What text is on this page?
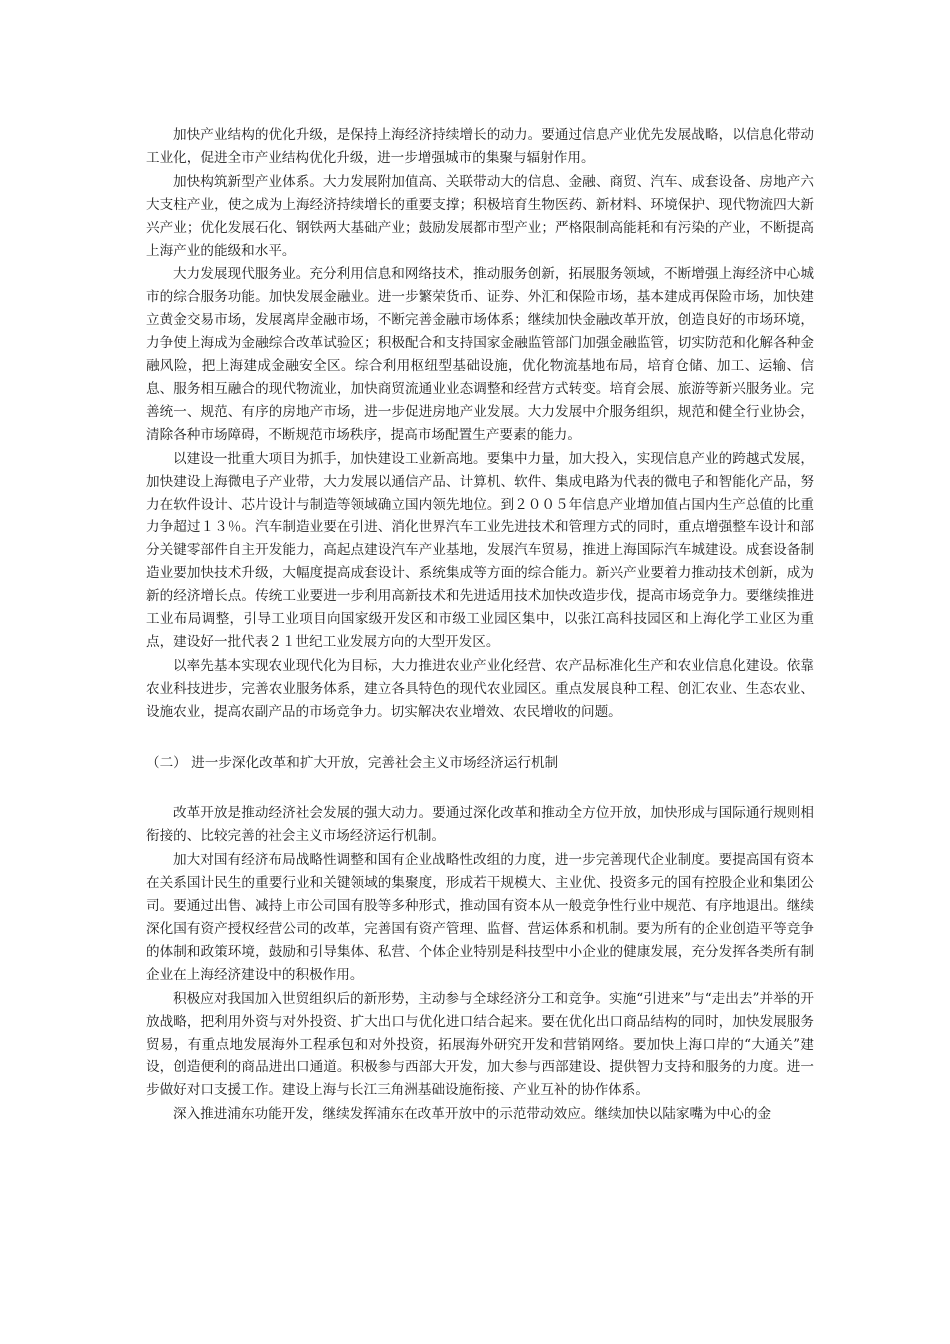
加快产业结构的优化升级，是保持上海经济持续增长的动力。要通过信息产业优先发展战略，以信息化带动工业化，促进全市产业结构优化升级，进一步增强城市的集聚与辐射作用。

加快构筑新型产业体系。大力发展附加值高、关联带动大的信息、金融、商贸、汽车、成套设备、房地产六大支柱产业，使之成为上海经济持续增长的重要支撑；积极培育生物医药、新材料、环境保护、现代物流四大新兴产业；优化发展石化、钢铁两大基础产业；鼓励发展都市型产业；严格限制高能耗和有污染的产业，不断提高上海产业的能级和水平。

大力发展现代服务业。充分利用信息和网络技术，推动服务创新，拓展服务领域，不断增强上海经济中心城市的综合服务功能。加快发展金融业。进一步繁荣货币、证券、外汇和保险市场，基本建成再保险市场，加快建立黄金交易市场，发展离岸金融市场，不断完善金融市场体系；继续加快金融改革开放，创造良好的市场环境，力争使上海成为金融综合改革试验区；积极配合和支持国家金融监管部门加强金融监管，切实防范和化解各种金融风险，把上海建成金融安全区。综合利用枢纽型基础设施，优化物流基地布局，培育仓储、加工、运输、信息、服务相互融合的现代物流业，加快商贸流通业业态调整和经营方式转变。培育会展、旅游等新兴服务业。完善统一、规范、有序的房地产市场，进一步促进房地产业发展。大力发展中介服务组织，规范和健全行业协会，清除各种市场障碍，不断规范市场秩序，提高市场配置生产要素的能力。

以建设一批重大项目为抓手，加快建设工业新高地。要集中力量，加大投入，实现信息产业的跨越式发展，加快建设上海微电子产业带，大力发展以通信产品、计算机、软件、集成电路为代表的微电子和智能化产品，努力在软件设计、芯片设计与制造等领域确立国内领先地位。到２００５年信息产业增加值占国内生产总值的比重力争超过１３％。汽车制造业要在引进、消化世界汽车工业先进技术和管理方式的同时，重点增强整车设计和部分关键零部件自主开发能力，高起点建设汽车产业基地，发展汽车贸易，推进上海国际汽车城建设。成套设备制造业要加快技术升级，大幅度提高成套设计、系统集成等方面的综合能力。新兴产业要着力推动技术创新，成为新的经济增长点。传统工业要进一步利用高新技术和先进适用技术加快改造步伐，提高市场竞争力。要继续推进工业布局调整，引导工业项目向国家级开发区和市级工业园区集中，以张江高科技园区和上海化学工业区为重点，建设好一批代表２１世纪工业发展方向的大型开发区。

以率先基本实现农业现代化为目标，大力推进农业产业化经营、农产品标准化生产和农业信息化建设。依靠农业科技进步，完善农业服务体系，建立各具特色的现代农业园区。重点发展良种工程、创汇农业、生态农业、设施农业，提高农副产品的市场竞争力。切实解决农业增效、农民增收的问题。

（二） 进一步深化改革和扩大开放，完善社会主义市场经济运行机制

改革开放是推动经济社会发展的强大动力。要通过深化改革和推动全方位开放，加快形成与国际通行规则相衔接的、比较完善的社会主义市场经济运行机制。

加大对国有经济布局战略性调整和国有企业战略性改组的力度，进一步完善现代企业制度。要提高国有资本在关系国计民生的重要行业和关键领域的集聚度，形成若干规模大、主业优、投资多元的国有控股企业和集团公司。要通过出售、减持上市公司国有股等多种形式，推动国有资本从一般竞争性行业中规范、有序地退出。继续深化国有资产授权经营公司的改革，完善国有资产管理、监督、营运体系和机制。要为所有的企业创造平等竞争的体制和政策环境，鼓励和引导集体、私营、个体企业特别是科技型中小企业的健康发展，充分发挥各类所有制企业在上海经济建设中的积极作用。

积极应对我国加入世贸组织后的新形势，主动参与全球经济分工和竞争。实施“引进来”与“走出去”并举的开放战略，把利用外资与对外投资、扩大出口与优化进口结合起来。要在优化出口商品结构的同时，加快发展服务贸易，有重点地发展海外工程承包和对外投资，拓展海外研究开发和营销网络。要加快上海口岸的“大通关”建设，创造便利的商品进出口通道。积极参与西部大开发，加大参与西部建设、提供智力支持和服务的力度。进一步做好对口支援工作。建设上海与长江三角洲基础设施衔接、产业互补的协作体系。

深入推进浦东功能开发，继续发挥浦东在改革开放中的示范带动效应。继续加快以陆家嘴为中心的金
